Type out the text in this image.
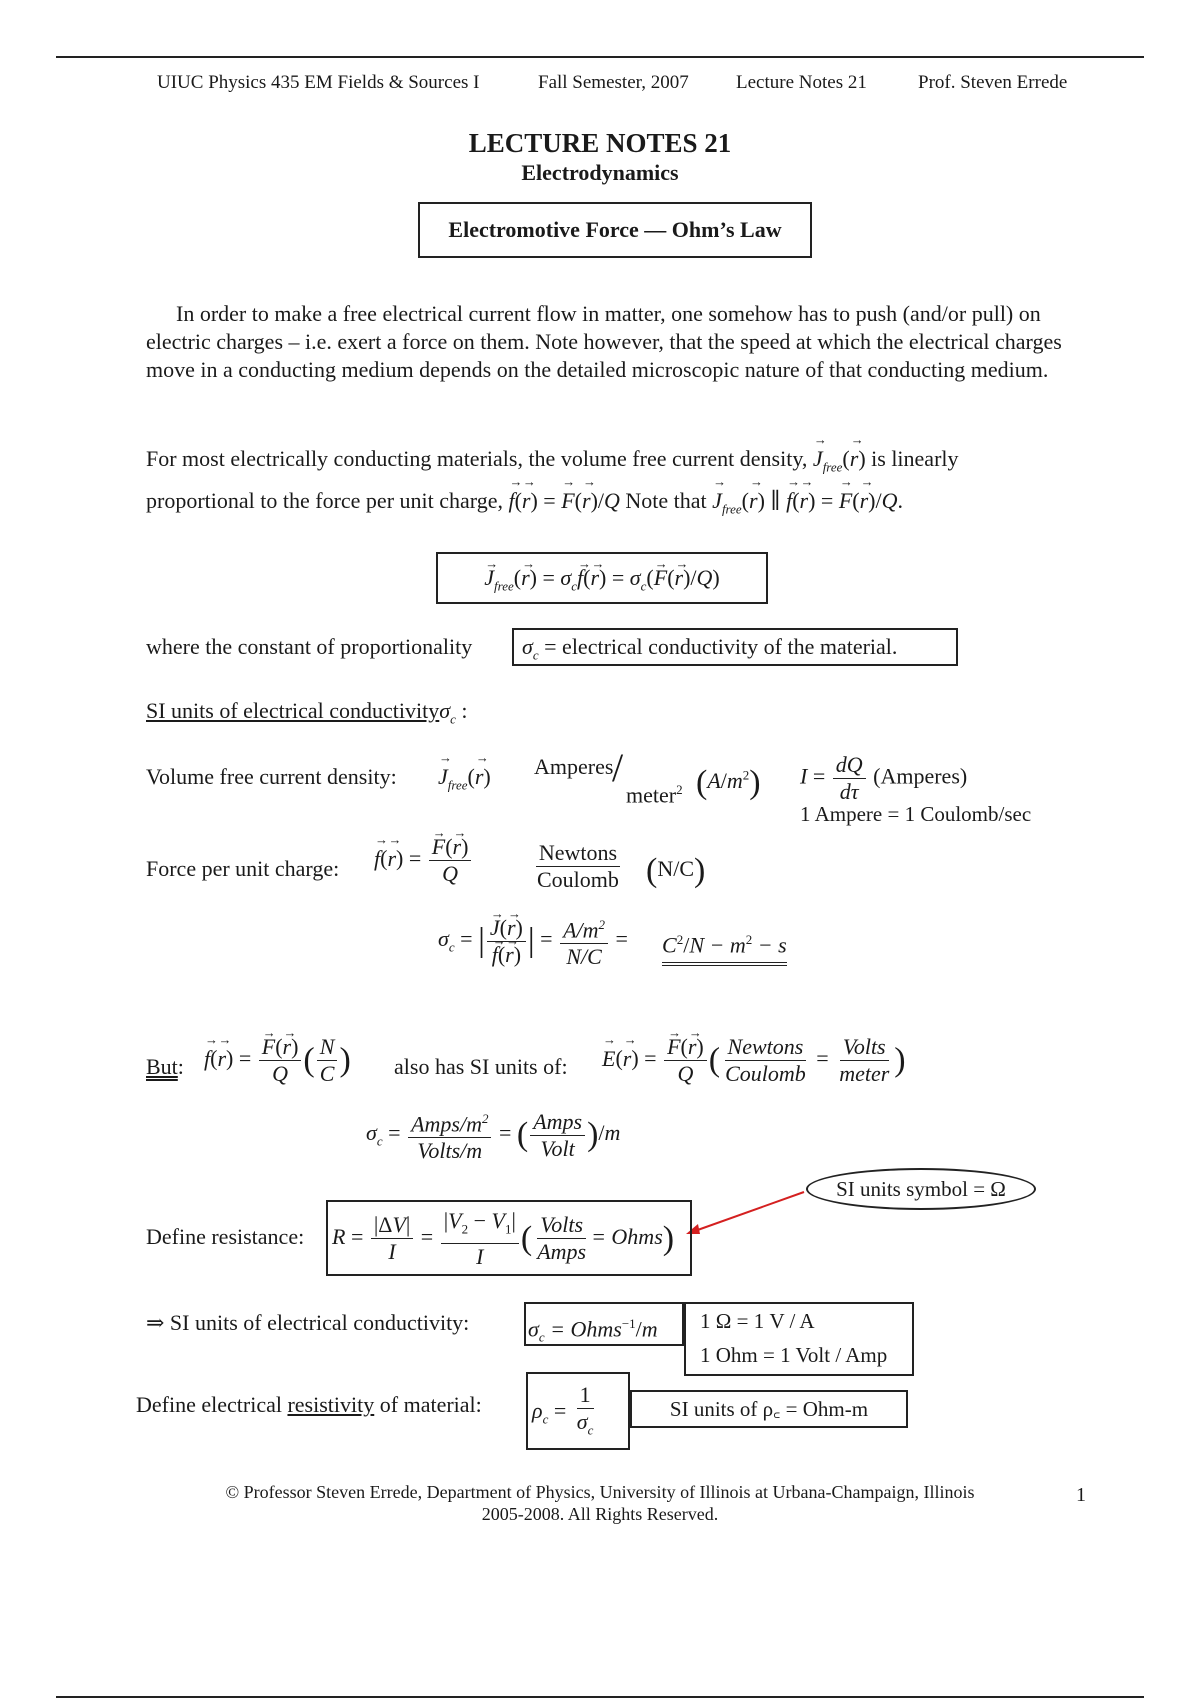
UIUC Physics 435 EM Fields & Sources I	Fall Semester, 2007 Lecture Notes 21	Prof. Steven Errede
LECTURE NOTES 21
Electrodynamics
Electromotive Force — Ohm’s Law
In order to make a free electrical current flow in matter, one somehow has to push (and/or pull) on electric charges – i.e. exert a force on them. Note however, that the speed at which the electrical charges move in a conducting medium depends on the detailed microscopic nature of that conducting medium.
For most electrically conducting materials, the volume free current density, → $J_{free}(\to r)$ is linearly
proportional to the force per unit charge, → f(→ r) = → F(→ r)/Q Note that → $J_{free}(\to r)$ ∥ → f(→ r) = → F(→ r)/Q.
→ $J_{free}(\to r) = \sigma_c\to f(\to r) = \sigma_c(\to F(\to r)/Q)$
where the constant of proportionality	$\sigma_c$ = electrical conductivity of the material.
SI units of electrical conductivityσ$_c$ :
Volume free current density: → $J_{free}(\to r)$ Amperes
/
meter$^2$ $(A/m^2) I = \frac{dQ}{d\tau}$ (Amperes)
1 Ampere = 1 Coulomb/sec
Force per unit charge: → f(→ r) = → $\frac{F(\to r)}{Q}$	$\frac{\text{Newtons}}{\text{Coulomb}} (N/C)$
$\sigma_c$ = | → J(→ r)
→ f(→ r) | = $\frac{A/m^2}{N/C} = C^2/N - m^2 - s$
But: → f(→ r) = → $\frac{F(\to r)}{Q}$ ( $\frac{N}{C}$ ) also has SI units of: → E(→ r) = → $\frac{F(\to r)}{Q}$ ( $\frac{\text{Newtons}}{\text{Coulomb}} = \frac{\text{Volts}}{\text{meter}}$ )
$\sigma_c = \frac{Amps/m^2}{\text{Volts/m}}$ = ( $\frac{\text{Amps}}{\text{Volt}} )/m$
SI units symbol = Ω
Define resistance: $R = \frac{|\Delta V|}{I} = \frac{|V_2 - V_1|}{I}$ ( $\frac{\text{Volts}}{\text{Amps}}$ = Ohms)
⇒ SI units of electrical conductivity:	$\sigma_c$ = Ohms$^{-1}$/m	1 Ω = 1 V / A
1 Ohm = 1 Volt / Amp
Define electrical resistivity of material: $\rho_c = \frac{1}{\sigma_c}$	SI units of ρ꜀ = Ohm-m
© Professor Steven Errede, Department of Physics, University of Illinois at Urbana-Champaign, Illinois
2005-2008. All Rights Reserved.
1
